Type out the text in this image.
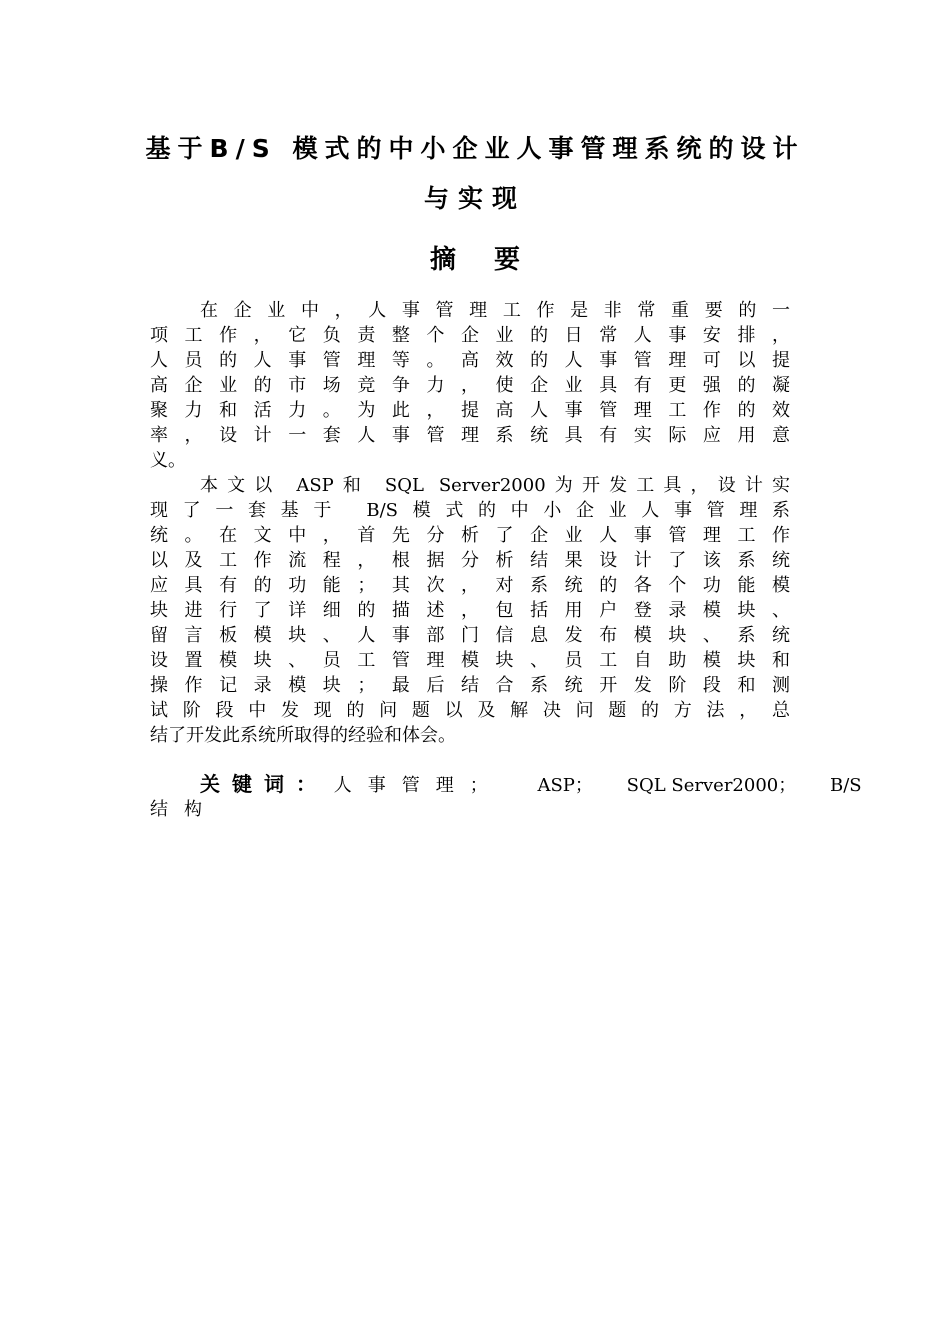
基于B/S 模式的中小企业人事管理系统的设计
与实现
摘要
在企业中，人事管理工作是非常重要的一
项工作，它负责整个企业的日常人事安排，
人员的人事管理等。高效的人事管理可以提
高企业的市场竞争力，使企业具有更强的凝
聚力和活力。为此，提高人事管理工作的效
率，设计一套人事管理系统具有实际应用意
义。
本文以 ASP和 SQL Server2000为开发工具，设计实
现了一套基于 B/S模式的中小企业人事管理系
统。在文中，首先分析了企业人事管理工作
以及工作流程，根据分析结果设计了该系统
应具有的功能；其次，对系统的各个功能模
块进行了详细的描述，包括用户登录模块、
留言板模块、人事部门信息发布模块、系统
设置模块、员工管理模块、员工自助模块和
操作记录模块；最后结合系统开发阶段和测
试阶段中发现的问题以及解决问题的方法，总
结了开发此系统所取得的经验和体会。
关键词： 人事管理； ASP； SQL Server2000； B/S
结构
